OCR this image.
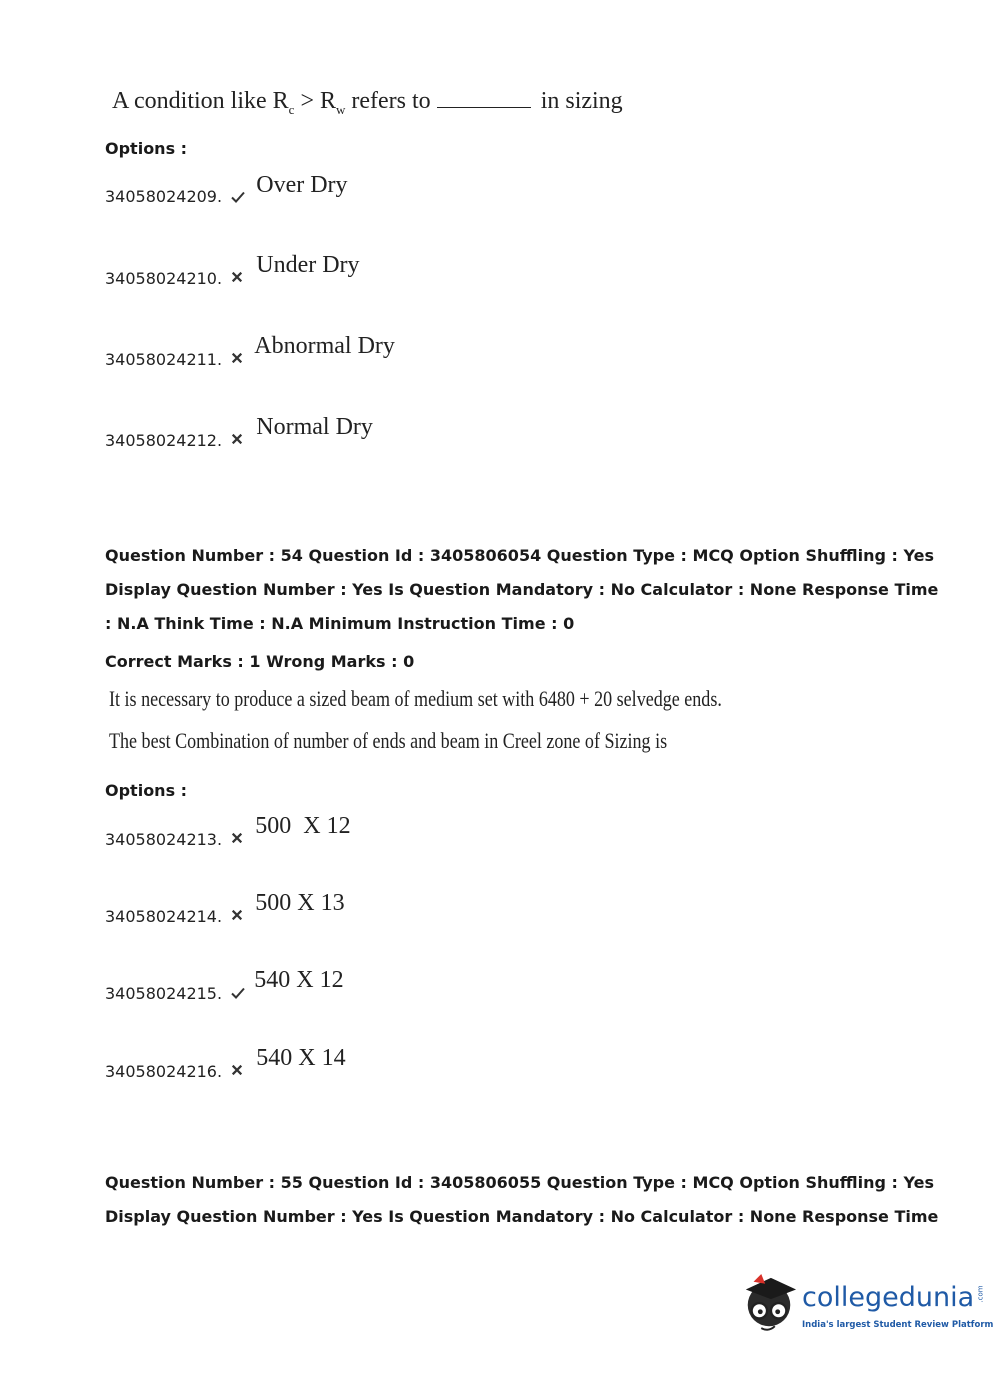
A condition like $R_c > R_w$ refers to	in sizing
Options :
34058024209. Over Dry
34058024210.  Under Dry
34058024211.  Abnormal Dry
34058024212.  Normal Dry
Question Number : 54 Question Id : 3405806054 Question Type : MCQ Option Shuffling : Yes
Display Question Number : Yes Is Question Mandatory : No Calculator : None Response Time
: N.A Think Time : N.A Minimum Instruction Time : 0
Correct Marks : 1 Wrong Marks : 0
It is necessary to produce a sized beam of medium set with 6480 + 20 selvedge ends.
The best Combination of number of ends and beam in Creel zone of Sizing is
Options :
34058024213.  500  X 12
34058024214.  500 X 13
34058024215.  540 X 12
34058024216.  540 X 14
Question Number : 55 Question Id : 3405806055 Question Type : MCQ Option Shuffling : Yes
Display Question Number : Yes Is Question Mandatory : No Calculator : None Response Time
collegedunia .com
India's largest Student Review Platform
